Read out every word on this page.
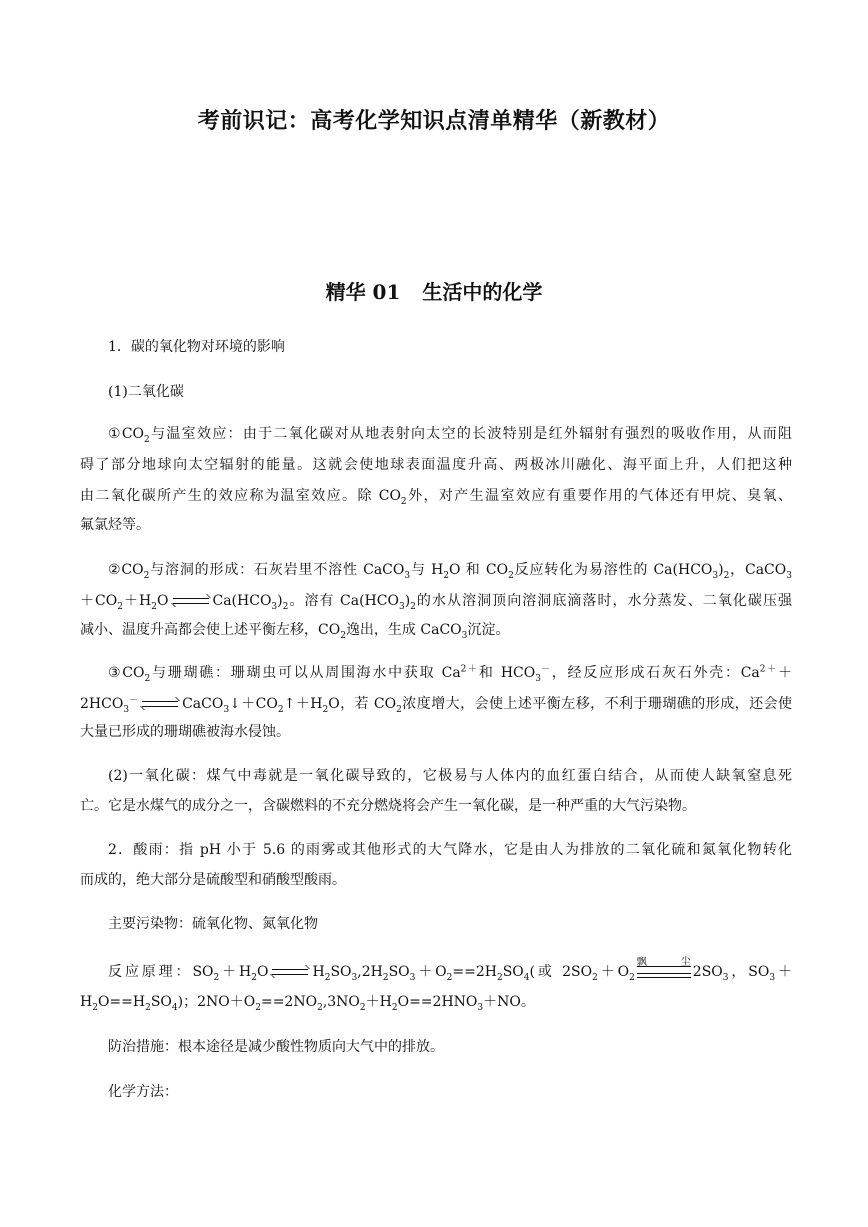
考前识记：高考化学知识点清单精华（新教材）
精华 01 生活中的化学
1．碳的氧化物对环境的影响
(1)二氧化碳
$①CO_2$与温室效应：由于二氧化碳对从地表射向太空的长波特别是红外辐射有强烈的吸收作用，从而阻
碍了部分地球向太空辐射的能量。这就会使地球表面温度升高、两极冰川融化、海平面上升，人们把这种
由二氧化碳所产生的效应称为温室效应。除 $CO_2$外，对产生温室效应有重要作用的气体还有甲烷、臭氧、
氟氯烃等。
$②CO_2$与溶洞的形成：石灰岩里不溶性 CaCO$_3$与 $H_2O$ 和 $CO_2$反应转化为易溶性的 $Ca(HCO_3)_2$，CaCO$_3$
$+CO_2+H_2O$	$Ca(HCO_3)_2$。溶有 $Ca(HCO_3)_2$的水从溶洞顶向溶洞底滴落时，水分蒸发、二氧化碳压强
减小、温度升高都会使上述平衡左移，$CO_2$逸出，生成 CaCO$_3$沉淀。
$③CO_2$与珊瑚礁：珊瑚虫可以从周围海水中获取 $Ca^{2+}$和 $HCO_3^-$，经反应形成石灰石外壳：$Ca^{2+}+$
$2HCO_3^-$	$CaCO_3↓+CO_2↑+H_2O$，若 $CO_2$浓度增大，会使上述平衡左移，不利于珊瑚礁的形成，还会使
大量已形成的珊瑚礁被海水侵蚀。
(2)一氧化碳：煤气中毒就是一氧化碳导致的，它极易与人体内的血红蛋白结合，从而使人缺氧窒息死
亡。它是水煤气的成分之一，含碳燃料的不充分燃烧将会产生一氧化碳，是一种严重的大气污染物。
2．酸雨：指 pH 小于 5.6 的雨雾或其他形式的大气降水，它是由人为排放的二氧化硫和氮氧化物转化
而成的，绝大部分是硫酸型和硝酸型酸雨。
主要污染物：硫氧化物、氮氧化物
反应原理：$SO_2+H_2O$	$H_2SO_3,2H_2SO_3+O_2==2H_2SO_4$(或 $2SO_2+O_2$
飘尘
$2SO_3$，$SO_3+$
$H_2O==H_2SO_4$)；$2NO+O_2==2NO_2,3NO_2+H_2O==2HNO_3+NO$。
防治措施：根本途径是减少酸性物质向大气中的排放。
化学方法：
